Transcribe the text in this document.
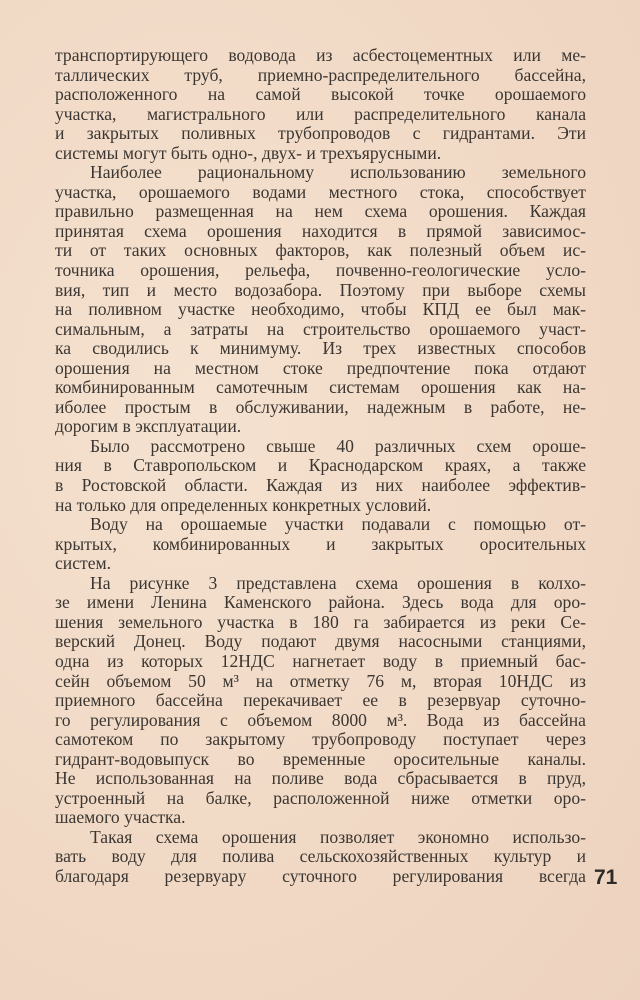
транспортирующего водовода из асбестоцементных или ме-
таллических труб, приемно-распределительного бассейна,
расположенного на самой высокой точке орошаемого
участка, магистрального или распределительного канала
и закрытых поливных трубопроводов с гидрантами. Эти
системы могут быть одно-, двух- и трехъярусными.
Наиболее рациональному использованию земельного
участка, орошаемого водами местного стока, способствует
правильно размещенная на нем схема орошения. Каждая
принятая схема орошения находится в прямой зависимос-
ти от таких основных факторов, как полезный объем ис-
точника орошения, рельефа, почвенно-геологические усло-
вия, тип и место водозабора. Поэтому при выборе схемы
на поливном участке необходимо, чтобы КПД ее был мак-
симальным, а затраты на строительство орошаемого участ-
ка сводились к минимуму. Из трех известных способов
орошения на местном стоке предпочтение пока отдают
комбинированным самотечным системам орошения как на-
иболее простым в обслуживании, надежным в работе, не-
дорогим в эксплуатации.
Было рассмотрено свыше 40 различных схем ороше-
ния в Ставропольском и Краснодарском краях, а также
в Ростовской области. Каждая из них наиболее эффектив-
на только для определенных конкретных условий.
Воду на орошаемые участки подавали с помощью от-
крытых, комбинированных и закрытых оросительных
систем.
На рисунке 3 представлена схема орошения в колхо-
зе имени Ленина Каменского района. Здесь вода для оро-
шения земельного участка в 180 га забирается из реки Се-
верский Донец. Воду подают двумя насосными станциями,
одна из которых 12НДС нагнетает воду в приемный бас-
сейн объемом 50 м³ на отметку 76 м, вторая 10НДС из
приемного бассейна перекачивает ее в резервуар суточно-
го регулирования с объемом 8000 м³. Вода из бассейна
самотеком по закрытому трубопроводу поступает через
гидрант-водовыпуск во временные оросительные каналы.
Не использованная на поливе вода сбрасывается в пруд,
устроенный на балке, расположенной ниже отметки оро-
шаемого участка.
Такая схема орошения позволяет экономно использо-
вать воду для полива сельскохозяйственных культур и
благодаря резервуару суточного регулирования всегда 71
